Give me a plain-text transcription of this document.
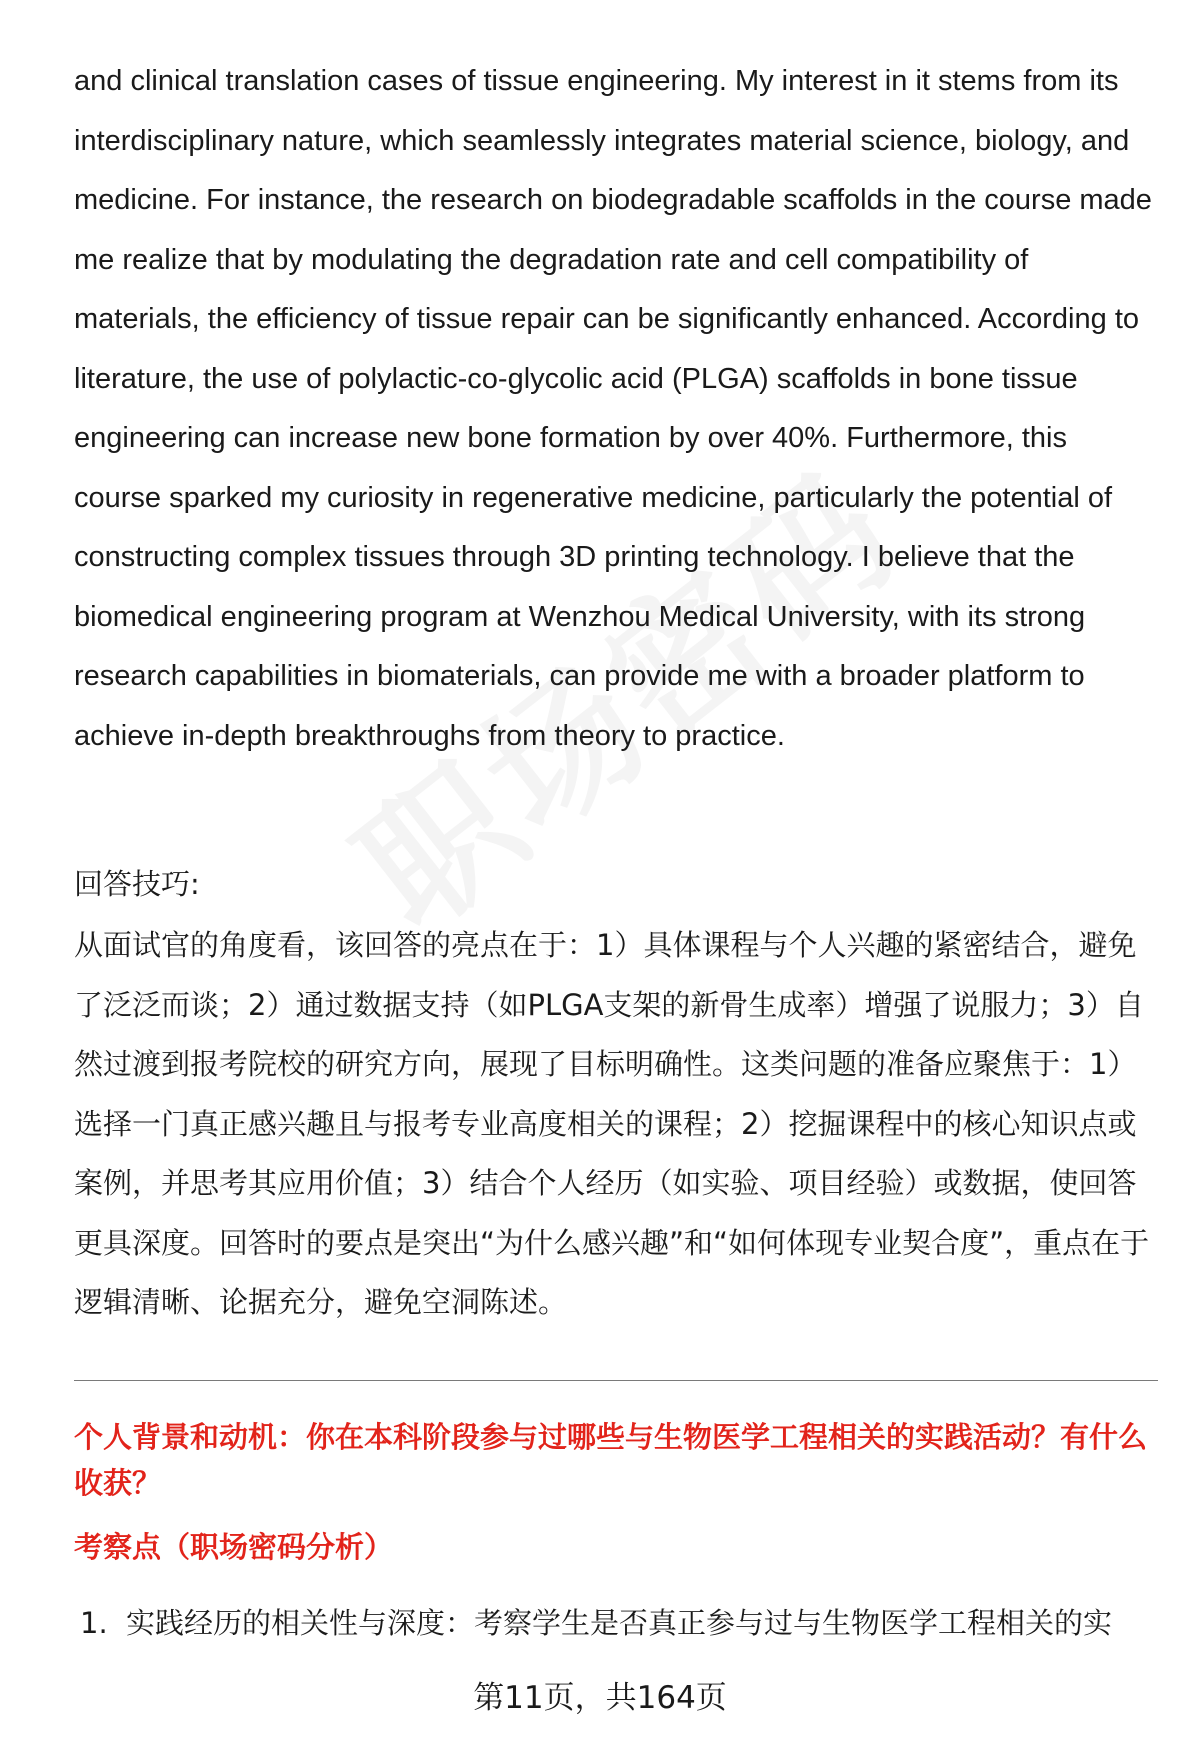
and clinical translation cases of tissue engineering. My interest in it stems from its interdisciplinary nature, which seamlessly integrates material science, biology, and medicine. For instance, the research on biodegradable scaffolds in the course made me realize that by modulating the degradation rate and cell compatibility of materials, the efficiency of tissue repair can be significantly enhanced. According to literature, the use of polylactic-co-glycolic acid (PLGA) scaffolds in bone tissue engineering can increase new bone formation by over 40%. Furthermore, this course sparked my curiosity in regenerative medicine, particularly the potential of constructing complex tissues through 3D printing technology. I believe that the biomedical engineering program at Wenzhou Medical University, with its strong research capabilities in biomaterials, can provide me with a broader platform to achieve in-depth breakthroughs from theory to practice.

回答技巧:

从面试官的角度看，该回答的亮点在于：1）具体课程与个人兴趣的紧密结合，避免了泛泛而谈；2）通过数据支持（如PLGA支架的新骨生成率）增强了说服力；3）自然过渡到报考院校的研究方向，展现了目标明确性。这类问题的准备应聚焦于：1）选择一门真正感兴趣且与报考专业高度相关的课程；2）挖掘课程中的核心知识点或案例，并思考其应用价值；3）结合个人经历（如实验、项目经验）或数据，使回答更具深度。回答时的要点是突出“为什么感兴趣”和“如何体现专业契合度”，重点在于逻辑清晰、论据充分，避免空洞陈述。

个人背景和动机：你在本科阶段参与过哪些与生物医学工程相关的实践活动？有什么收获？

考察点（职场密码分析）

1. 实践经历的相关性与深度：考察学生是否真正参与过与生物医学工程相关的实
第11页，共164页
